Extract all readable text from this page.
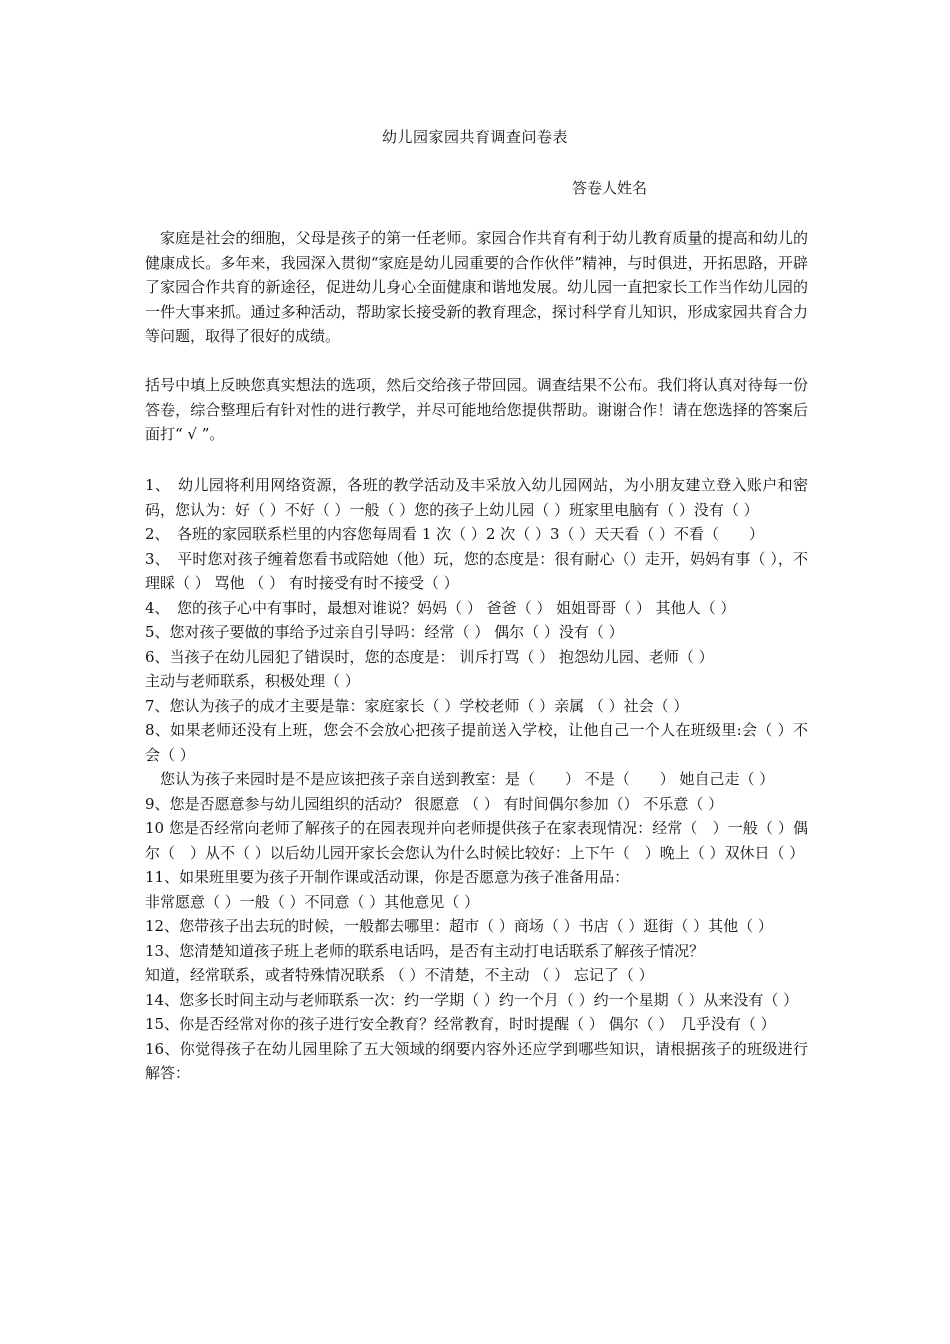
幼儿园家园共育调查问卷表
答卷人姓名
家庭是社会的细胞，父母是孩子的第一任老师。家园合作共育有利于幼儿教育质量的提高和幼儿的健康成长。多年来，我园深入贯彻“家庭是幼儿园重要的合作伙伴”精神，与时俱进，开拓思路，开辟了家园合作共育的新途径，促进幼儿身心全面健康和谐地发展。幼儿园一直把家长工作当作幼儿园的一件大事来抓。通过多种活动，帮助家长接受新的教育理念，探讨科学育儿知识，形成家园共育合力等问题，取得了很好的成绩。
括号中填上反映您真实想法的选项，然后交给孩子带回园。调查结果不公布。我们将认真对待每一份答卷，综合整理后有针对性的进行教学，并尽可能地给您提供帮助。谢谢合作！请在您选择的答案后面打“ √ ”。

1、　幼儿园将利用网络资源，各班的教学活动及丰采放入幼儿园网站，为小朋友建立登入账户和密码，您认为：好（ ）不好（ ）一般（ ）您的孩子上幼儿园（ ）班家里电脑有（ ）没有（ ）

2、　各班的家园联系栏里的内容您每周看 1 次（ ）2 次（ ）3（ ）天天看（ ）不看（　　）

3、　平时您对孩子缠着您看书或陪她（他）玩，您的态度是：很有耐心（）走开，妈妈有事（ ），不理睬（ ） 骂他 （ ） 有时接受有时不接受（ ）

4、　您的孩子心中有事时，最想对谁说？妈妈（ ） 爸爸（ ） 姐姐哥哥（ ） 其他人（ ）

5、您对孩子要做的事给予过亲自引导吗：经常（ ） 偶尔（ ）没有（ ）

6、当孩子在幼儿园犯了错误时，您的态度是： 训斥打骂（ ） 抱怨幼儿园、老师（ ）

主动与老师联系，积极处理（ ）

7、您认为孩子的成才主要是靠：家庭家长（ ）学校老师（ ）亲属 （ ）社会（ ）

8、如果老师还没有上班，您会不会放心把孩子提前送入学校，让他自己一个人在班级里:会（ ）不会（ ）

您认为孩子来园时是不是应该把孩子亲自送到教室：是（　　） 不是（　　） 她自己走（ ）

9、您是否愿意参与幼儿园组织的活动？ 很愿意 （ ） 有时间偶尔参加（） 不乐意（ ）

10 您是否经常向老师了解孩子的在园表现并向老师提供孩子在家表现情况：经常（　）一般（ ）偶尔（　）从不（ ）以后幼儿园开家长会您认为什么时候比较好：上下午（　）晚上（ ）双休日（ ）

11、如果班里要为孩子开制作课或活动课，你是否愿意为孩子准备用品：

非常愿意（ ）一般（ ）不同意（ ）其他意见（ ）

12、您带孩子出去玩的时候，一般都去哪里：超市（ ）商场（ ）书店（ ）逛街（ ）其他（ ）

13、您清楚知道孩子班上老师的联系电话吗，是否有主动打电话联系了解孩子情况？

知道，经常联系，或者特殊情况联系 （ ）不清楚，不主动 （ ） 忘记了（ ）

14、您多长时间主动与老师联系一次：约一学期（ ）约一个月（ ）约一个星期（ ）从来没有（ ）

15、你是否经常对你的孩子进行安全教育？经常教育，时时提醒（ ） 偶尔（ ）　几乎没有（ ）

16、你觉得孩子在幼儿园里除了五大领域的纲要内容外还应学到哪些知识，请根据孩子的班级进行解答：
